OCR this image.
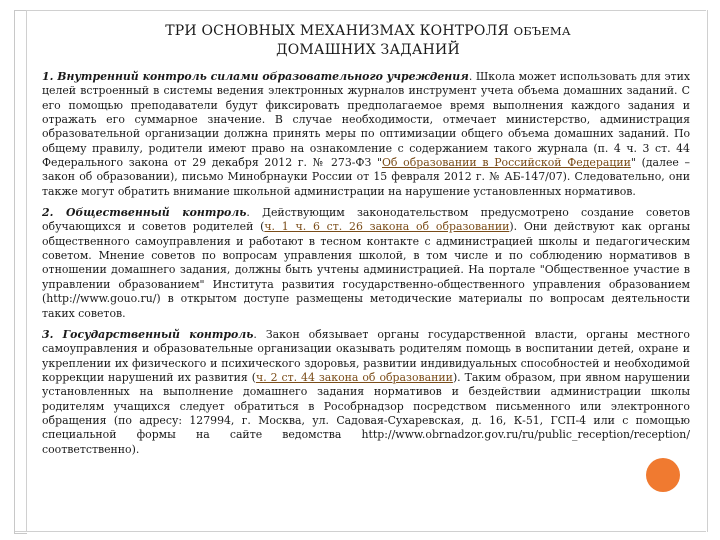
ТРИ ОСНОВНЫХ МЕХАНИЗМАХ КОНТРОЛЯ ОБЪЕМА
ДОМАШНИХ ЗАДАНИЙ

1. Внутренний контроль силами образовательного учреждения. Школа может использовать для этих целей встроенный в системы ведения электронных журналов инструмент учета объема домашних заданий. С его помощью преподаватели будут фиксировать предполагаемое время выполнения каждого задания и отражать его суммарное значение. В случае необходимости, отмечает министерство, администрация образовательной организации должна принять меры по оптимизации общего объема домашних заданий. По общему правилу, родители имеют право на ознакомление с содержанием такого журнала (п. 4 ч. 3 ст. 44 Федерального закона от 29 декабря 2012 г. № 273-ФЗ "Об образовании в Российской Федерации" (далее – закон об образовании), письмо Минобрнауки России от 15 февраля 2012 г. № АБ-147/07). Следовательно, они также могут обратить внимание школьной администрации на нарушение установленных нормативов.

2. Общественный контроль. Действующим законодательством предусмотрено создание советов обучающихся и советов родителей (ч. 1 ч. 6 ст. 26 закона об образовании). Они действуют как органы общественного самоуправления и работают в тесном контакте с администрацией школы и педагогическим советом. Мнение советов по вопросам управления школой, в том числе и по соблюдению нормативов в отношении домашнего задания, должны быть учтены администрацией. На портале "Общественное участие в управлении образованием" Института развития государственно-общественного управления образованием (http://www.gouo.ru/) в открытом доступе размещены методические материалы по вопросам деятельности таких советов.

3. Государственный контроль. Закон обязывает органы государственной власти, органы местного самоуправления и образовательные организации оказывать родителям помощь в воспитании детей, охране и укреплении их физического и психического здоровья, развитии индивидуальных способностей и необходимой коррекции нарушений их развития (ч. 2 ст. 44 закона об образовании). Таким образом, при явном нарушении установленных на выполнение домашнего задания нормативов и бездействии администрации школы родителям учащихся следует обратиться в Рособрнадзор посредством письменного или электронного обращения (по адресу: 127994, г. Москва, ул. Садовая-Сухаревская, д. 16, К-51, ГСП-4 или с помощью специальной формы на сайте ведомства http://www.obrnadzor.gov.ru/ru/public_reception/reception/ соответственно).
